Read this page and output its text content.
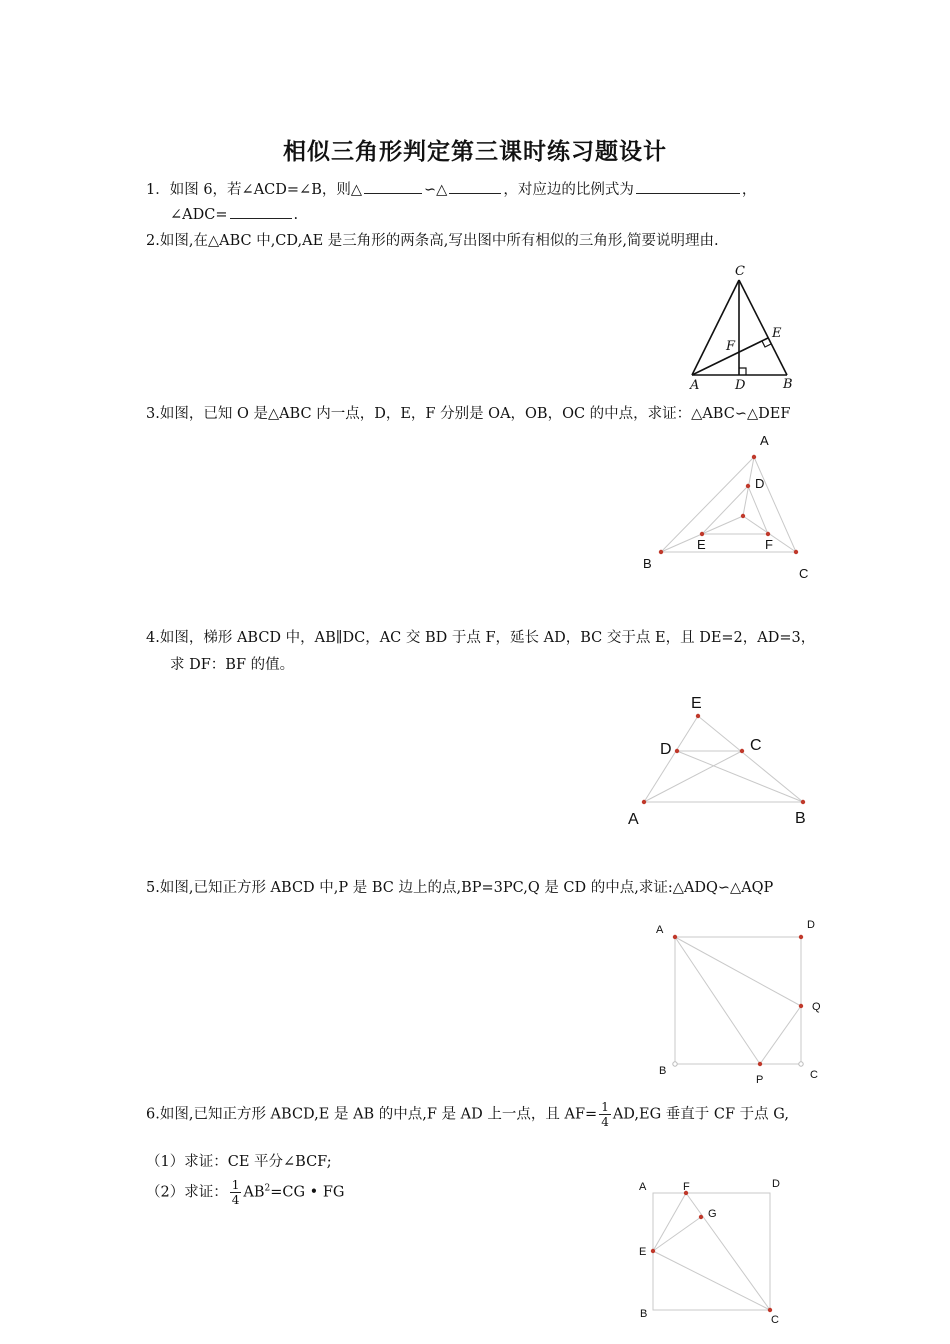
相似三角形判定第三课时练习题设计
1．如图 6，若∠ACD=∠B，则△	∽△	，对应边的比例式为	，
∠ADC=	.
2.如图,在△ABC 中,CD,AE 是三角形的两条高,写出图中所有相似的三角形,简要说明理由.
C
E
F
A	D	B
3.如图，已知 O 是△ABC 内一点，D，E，F 分别是 OA，OB，OC 的中点，求证：△ABC∽△DEF
A
D
E	F
B
C
4.如图，梯形 ABCD 中，AB∥DC，AC 交 BD 于点 F，延长 AD，BC 交于点 E，且 DE=2，AD=3，
求 DF：BF 的值。
E
D	C
A	B
5.如图,已知正方形 ABCD 中,P 是 BC 边上的点,BP=3PC,Q 是 CD 的中点,求证:△ADQ∽△AQP
A	D
Q
B
P	C
6.如图,已知正方形 ABCD,E 是 AB 的中点,F 是 AD 上一点，且 $AF= \frac{1}{4} AD,EG$ 垂直于 CF 于点 G,
（1）求证：CE 平分∠BCF;
（2）求证： $\frac{1}{4} AB^2=CG$ • FG	A	F	D
G
E
B	C
